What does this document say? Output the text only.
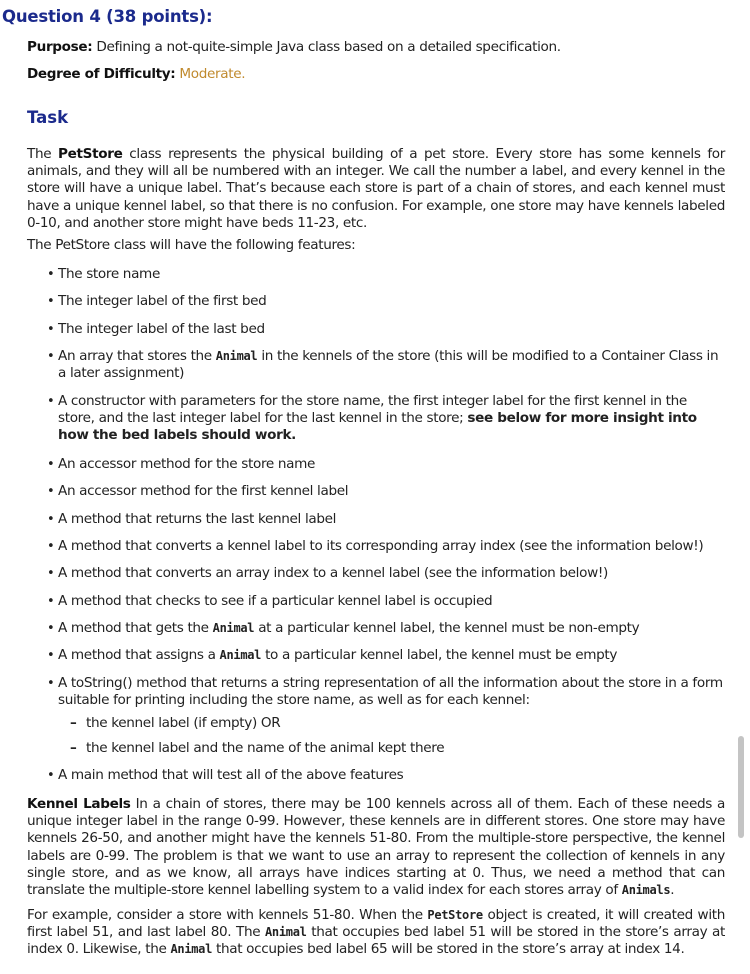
Question 4 (38 points):
Purpose: Defining a not-quite-simple Java class based on a detailed specification.
Degree of Difficulty: Moderate.
Task
The PetStore class represents the physical building of a pet store. Every store has some kennels for animals, and they will all be numbered with an integer. We call the number a label, and every kennel in the store will have a unique label. That’s because each store is part of a chain of stores, and each kennel must have a unique kennel label, so that there is no confusion. For example, one store may have kennels labeled 0-10, and another store might have beds 11-23, etc.
The PetStore class will have the following features:
• The store name
• The integer label of the first bed
• The integer label of the last bed
• An array that stores the Animal in the kennels of the store (this will be modified to a Container Class in a later assignment)
• A constructor with parameters for the store name, the first integer label for the first kennel in the store, and the last integer label for the last kennel in the store; see below for more insight into how the bed labels should work.
• An accessor method for the store name
• An accessor method for the first kennel label
• A method that returns the last kennel label
• A method that converts a kennel label to its corresponding array index (see the information below!)
• A method that converts an array index to a kennel label (see the information below!)
• A method that checks to see if a particular kennel label is occupied
• A method that gets the Animal at a particular kennel label, the kennel must be non-empty
• A method that assigns a Animal to a particular kennel label, the kennel must be empty
• A toString() method that returns a string representation of all the information about the store in a form suitable for printing including the store name, as well as for each kennel:
• A main method that will test all of the above features
– the kennel label (if empty) OR
– the kennel label and the name of the animal kept there
Kennel Labels In a chain of stores, there may be 100 kennels across all of them. Each of these needs a unique integer label in the range 0-99. However, these kennels are in different stores. One store may have kennels 26-50, and another might have the kennels 51-80. From the multiple-store perspective, the kennel labels are 0-99. The problem is that we want to use an array to represent the collection of kennels in any single store, and as we know, all arrays have indices starting at 0. Thus, we need a method that can translate the multiple-store kennel labelling system to a valid index for each stores array of Animals.
For example, consider a store with kennels 51-80. When the PetStore object is created, it will created with first label 51, and last label 80. The Animal that occupies bed label 51 will be stored in the store’s array at index 0. Likewise, the Animal that occupies bed label 65 will be stored in the store’s array at index 14.
